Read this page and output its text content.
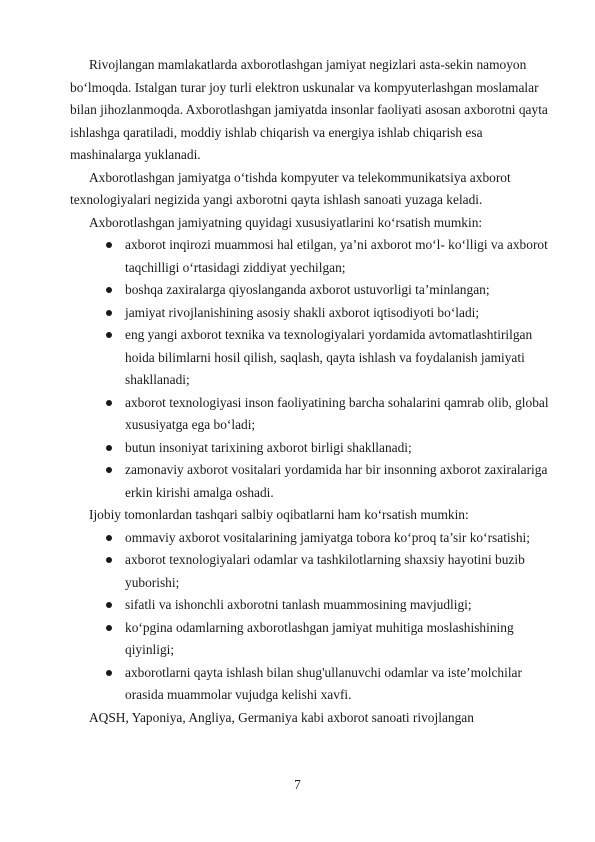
Rivojlangan mamlakatlarda axborotlashgan jamiyat negizlari asta-sekin namoyon bo‘lmoqda. Istalgan turar joy turli elektron uskunalar va kompyuterlashgan moslamalar bilan jihozlanmoqda. Axborotlashgan jamiyatda insonlar faoliyati asosan axborotni qayta ishlashga qaratiladi, moddiy ishlab chiqarish va energiya ishlab chiqarish esa mashinalarga yuklanadi.

Axborotlashgan jamiyatga o‘tishda kompyuter va telekommunikatsiya axborot texnologiyalari negizida yangi axborotni qayta ishlash sanoati yuzaga keladi.

Axborotlashgan jamiyatning quyidagi xususiyatlarini ko‘rsatish mumkin:

axborot inqirozi muammosi hal etilgan, ya’ni axborot mo‘l- ko‘lligi va axborot taqchilligi o‘rtasidagi ziddiyat yechilgan;
boshqa zaxiralarga qiyoslanganda axborot ustuvorligi ta’minlangan;
jamiyat rivojlanishining asosiy shakli axborot iqtisodiyoti bo‘ladi;
eng yangi axborot texnika va texnologiyalari yordamida avtomatlashtirilgan hoida bilimlarni hosil qilish, saqlash, qayta ishlash va foydalanish jamiyati shakllanadi;
axborot texnologiyasi inson faoliyatining barcha sohalarini qamrab olib, global xususiyatga ega bo‘ladi;
butun insoniyat tarixining axborot birligi shakllanadi;
zamonaviy axborot vositalari yordamida har bir insonning axborot zaxiralariga erkin kirishi amalga oshadi.

Ijobiy tomonlardan tashqari salbiy oqibatlarni ham ko‘rsatish mumkin:

ommaviy axborot vositalarining jamiyatga tobora ko‘proq ta’sir ko‘rsatishi;
axborot texnologiyalari odamlar va tashkilotlarning shaxsiy hayotini buzib yuborishi;
sifatli va ishonchli axborotni tanlash muammosining mavjudligi;
ko‘pgina odamlarning axborotlashgan jamiyat muhitiga moslashishining qiyinligi;
axborotlarni qayta ishlash bilan shug'ullanuvchi odamlar va iste’molchilar orasida muammolar vujudga kelishi xavfi.

AQSH, Yaponiya, Angliya, Germaniya kabi axborot sanoati rivojlangan

7
